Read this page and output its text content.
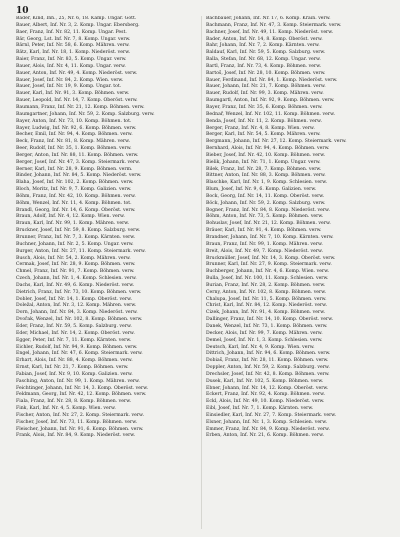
10

Bader, Kind, Inh., 25, Nr. 6, 18. Kamp. Ungar. Gött.

Bauer, Albert, Inf. Nr. 3, 2. Komp. Ungar. Ebersberg.

Baer, Franz, Inf. Nr. 82, 11. Komp. Ungar. Pest.

Bär, Georg, Lst. Inf. Nr. 7, 8. Komp. Ungar. verw.

Bärnl, Peter, Inf. Nr. 58, 6. Komp. Mähren. verw.

Bätz, Karl, Inf. Nr. 18, 1. Komp. Niederöst. verw.

Baier, Franz, Inf. Nr. 83, 5. Komp. Ungar. verw.

Bauer, Alois, Inf. Nr. 4, 11. Komp. Ungar. verw.

Bauer, Anton, Inf. Nr. 49, 4. Komp. Niederöst. verw.

Bauer, Josef, Inf. Nr. 84, 2. Komp. Wien. verw.

Bauer, Josef, Inf. Nr. 19, 9. Komp. Ungar. tot.

Bauer, Karl, Inf. Nr. 91, 3. Komp. Böhmen. verw.

Bauer, Leopold, Inf. Nr. 14, 7. Komp. Oberöst. verw.

Baumann, Franz, Inf. Nr. 21, 12. Komp. Böhmen. verw.

Baumgartner, Johann, Inf. Nr. 59, 2. Komp. Salzburg. verw.

Bayer, Anton, Inf. Nr. 73, 10. Komp. Böhmen. tot.

Bayer, Ludwig, Inf. Nr. 92, 6. Komp. Böhmen. verw.

Becher, Emil, Inf. Nr. 94, 4. Komp. Böhmen. verw.

Beck, Franz, Inf. Nr. 81, 8. Komp. Mähren. verw.

Beer, Rudolf, Inf. Nr. 35, 1. Komp. Böhmen. verw.

Berger, Anton, Inf. Nr. 88, 11. Komp. Böhmen. verw.

Berger, Josef, Inf. Nr. 47, 3. Komp. Steiermark. verw.

Berner, Karl, Inf. Nr. 28, 9. Komp. Böhmen. verm.

Binder, Johann, Inf. Nr. 84, 5. Komp. Niederöst. verw.

Blaha, Josef, Inf. Nr. 102, 2. Komp. Böhmen. verw.

Bloch, Moritz, Inf. Nr. 9, 7. Komp. Galizien. verw.

Böhm, Franz, Inf. Nr. 42, 10. Komp. Böhmen. verw.

Böhm, Wenzel, Inf. Nr. 11, 4. Komp. Böhmen. tot.

Brandl, Georg, Inf. Nr. 14, 6. Komp. Oberöst. verw.

Braun, Adolf, Inf. Nr. 4, 12. Komp. Wien. verw.

Braun, Karl, Inf. Nr. 99, 1. Komp. Mähren. verw.

Bruckner, Josef, Inf. Nr. 59, 8. Komp. Salzburg. verw.

Brunner, Franz, Inf. Nr. 7, 3. Komp. Kärnten. verw.

Buchner, Johann, Inf. Nr. 2, 5. Komp. Ungar. verw.

Burger, Anton, Inf. Nr. 27, 11. Komp. Steiermark. verw.

Busch, Alois, Inf. Nr. 54, 2. Komp. Mähren. verw.

Cermak, Josef, Inf. Nr. 28, 9. Komp. Böhmen. verw.

Chmel, Franz, Inf. Nr. 91, 7. Komp. Böhmen. verw.

Czech, Johann, Inf. Nr. 1, 4. Komp. Schlesien. verw.

Dachs, Karl, Inf. Nr. 49, 6. Komp. Niederöst. verw.

Dietrich, Franz, Inf. Nr. 73, 10. Komp. Böhmen. verw.

Dobler, Josef, Inf. Nr. 14, 1. Komp. Oberöst. verw.

Doležal, Anton, Inf. Nr. 3, 12. Komp. Mähren. verw.

Dorn, Johann, Inf. Nr. 84, 3. Komp. Niederöst. verw.

Dvořak, Wenzel, Inf. Nr. 102, 8. Komp. Böhmen. verw.

Eder, Franz, Inf. Nr. 59, 5. Komp. Salzburg. verw.

Eder, Michael, Inf. Nr. 14, 2. Komp. Oberöst. verw.

Egger, Peter, Inf. Nr. 7, 11. Komp. Kärnten. verw.

Eichler, Rudolf, Inf. Nr. 94, 9. Komp. Böhmen. verw.

Engel, Johann, Inf. Nr. 47, 6. Komp. Steiermark. verw.

Erhart, Alois, Inf. Nr. 88, 4. Komp. Böhmen. verw.

Ernst, Karl, Inf. Nr. 21, 7. Komp. Böhmen. verw.

Fabian, Josef, Inf. Nr. 9, 10. Komp. Galizien. verw.

Fasching, Anton, Inf. Nr. 99, 1. Komp. Mähren. verw.

Feichtinger, Johann, Inf. Nr. 14, 3. Komp. Oberöst. verw.

Feldmann, Georg, Inf. Nr. 42, 12. Komp. Böhmen. verw.

Fiala, Franz, Inf. Nr. 28, 8. Komp. Böhmen. verw.

Fink, Karl, Inf. Nr. 4, 5. Komp. Wien. verw.

Fischer, Anton, Inf. Nr. 27, 2. Komp. Steiermark. verw.

Fischer, Josef, Inf. Nr. 73, 11. Komp. Böhmen. verw.

Fleischer, Johann, Inf. Nr. 91, 6. Komp. Böhmen. verw.

Frank, Alois, Inf. Nr. 84, 9. Komp. Niederöst. verw.

Bachbauer, Johann, Inf. Nr. 17, 6. Komp. Krain. verw.

Bachmann, Franz, Inf. Nr. 47, 3. Komp. Steiermark. verw.

Bachner, Josef, Inf. Nr. 49, 11. Komp. Niederöst. verw.

Bader, Anton, Inf. Nr. 14, 8. Komp. Oberöst. verw.

Bahr, Johann, Inf. Nr. 7, 2. Komp. Kärnten. verw.

Baldauf, Karl, Inf. Nr. 59, 5. Komp. Salzburg. verw.

Balla, Stefan, Inf. Nr. 68, 12. Komp. Ungar. verw.

Bartl, Franz, Inf. Nr. 73, 4. Komp. Böhmen. verw.

Bartoš, Josef, Inf. Nr. 28, 10. Komp. Böhmen. verw.

Bauer, Ferdinand, Inf. Nr. 84, 1. Komp. Niederöst. verw.

Bauer, Johann, Inf. Nr. 21, 7. Komp. Böhmen. verw.

Bauer, Rudolf, Inf. Nr. 99, 3. Komp. Mähren. verw.

Baumgartl, Anton, Inf. Nr. 92, 9. Komp. Böhmen. verw.

Bayer, Franz, Inf. Nr. 35, 6. Komp. Böhmen. verw.

Bednař, Wenzel, Inf. Nr. 102, 11. Komp. Böhmen. verw.

Benda, Josef, Inf. Nr. 11, 2. Komp. Böhmen. verw.

Berger, Franz, Inf. Nr. 4, 8. Komp. Wien. verw.

Berger, Karl, Inf. Nr. 54, 5. Komp. Mähren. verw.

Bergmann, Johann, Inf. Nr. 27, 12. Komp. Steiermark. verw.

Bernhard, Alois, Inf. Nr. 94, 4. Komp. Böhmen. verw.

Bieber, Josef, Inf. Nr. 42, 10. Komp. Böhmen. verw.

Bielik, Johann, Inf. Nr. 71, 1. Komp. Ungar. verw.

Bilek, Franz, Inf. Nr. 28, 7. Komp. Böhmen. verw.

Bittner, Anton, Inf. Nr. 88, 3. Komp. Böhmen. verw.

Blaschke, Karl, Inf. Nr. 1, 9. Komp. Schlesien. verw.

Blum, Josef, Inf. Nr. 9, 6. Komp. Galizien. verw.

Bock, Georg, Inf. Nr. 14, 11. Komp. Oberöst. verw.

Böck, Johann, Inf. Nr. 59, 2. Komp. Salzburg. verw.

Bogner, Franz, Inf. Nr. 84, 8. Komp. Niederöst. verw.

Böhm, Anton, Inf. Nr. 73, 5. Komp. Böhmen. verw.

Bohuslav, Josef, Inf. Nr. 21, 12. Komp. Böhmen. verw.

Bräuer, Karl, Inf. Nr. 91, 4. Komp. Böhmen. verw.

Brandner, Johann, Inf. Nr. 7, 10. Komp. Kärnten. verw.

Braun, Franz, Inf. Nr. 99, 1. Komp. Mähren. verw.

Breit, Alois, Inf. Nr. 49, 7. Komp. Niederöst. verw.

Bruckmüller, Josef, Inf. Nr. 14, 3. Komp. Oberöst. verw.

Brunner, Karl, Inf. Nr. 27, 9. Komp. Steiermark. verw.

Buchberger, Johann, Inf. Nr. 4, 6. Komp. Wien. verw.

Bulla, Josef, Inf. Nr. 100, 11. Komp. Schlesien. verw.

Burian, Franz, Inf. Nr. 28, 2. Komp. Böhmen. verw.

Cerny, Anton, Inf. Nr. 102, 8. Komp. Böhmen. verw.

Chalupa, Josef, Inf. Nr. 11, 5. Komp. Böhmen. verw.

Christ, Karl, Inf. Nr. 84, 12. Komp. Niederöst. verw.

Cizek, Johann, Inf. Nr. 91, 4. Komp. Böhmen. verw.

Dallinger, Franz, Inf. Nr. 14, 10. Komp. Oberöst. verw.

Danek, Wenzel, Inf. Nr. 73, 1. Komp. Böhmen. verw.

Decker, Alois, Inf. Nr. 99, 7. Komp. Mähren. verw.

Demel, Josef, Inf. Nr. 1, 3. Komp. Schlesien. verw.

Deutsch, Karl, Inf. Nr. 4, 9. Komp. Wien. verw.

Dittrich, Johann, Inf. Nr. 94, 6. Komp. Böhmen. verw.

Dobiaš, Franz, Inf. Nr. 28, 11. Komp. Böhmen. verw.

Doppler, Anton, Inf. Nr. 59, 2. Komp. Salzburg. verw.

Drechsler, Josef, Inf. Nr. 42, 8. Komp. Böhmen. verw.

Dusek, Karl, Inf. Nr. 102, 5. Komp. Böhmen. verw.

Ebner, Johann, Inf. Nr. 14, 12. Komp. Oberöst. verw.

Eckert, Franz, Inf. Nr. 92, 4. Komp. Böhmen. verw.

Eckl, Alois, Inf. Nr. 49, 10. Komp. Niederöst. verw.

Eibl, Josef, Inf. Nr. 7, 1. Komp. Kärnten. verw.

Einsiedler, Karl, Inf. Nr. 27, 7. Komp. Steiermark. verw.

Elsner, Johann, Inf. Nr. 1, 3. Komp. Schlesien. verw.

Emmer, Franz, Inf. Nr. 84, 9. Komp. Niederöst. verw.

Erben, Anton, Inf. Nr. 21, 6. Komp. Böhmen. verw.
